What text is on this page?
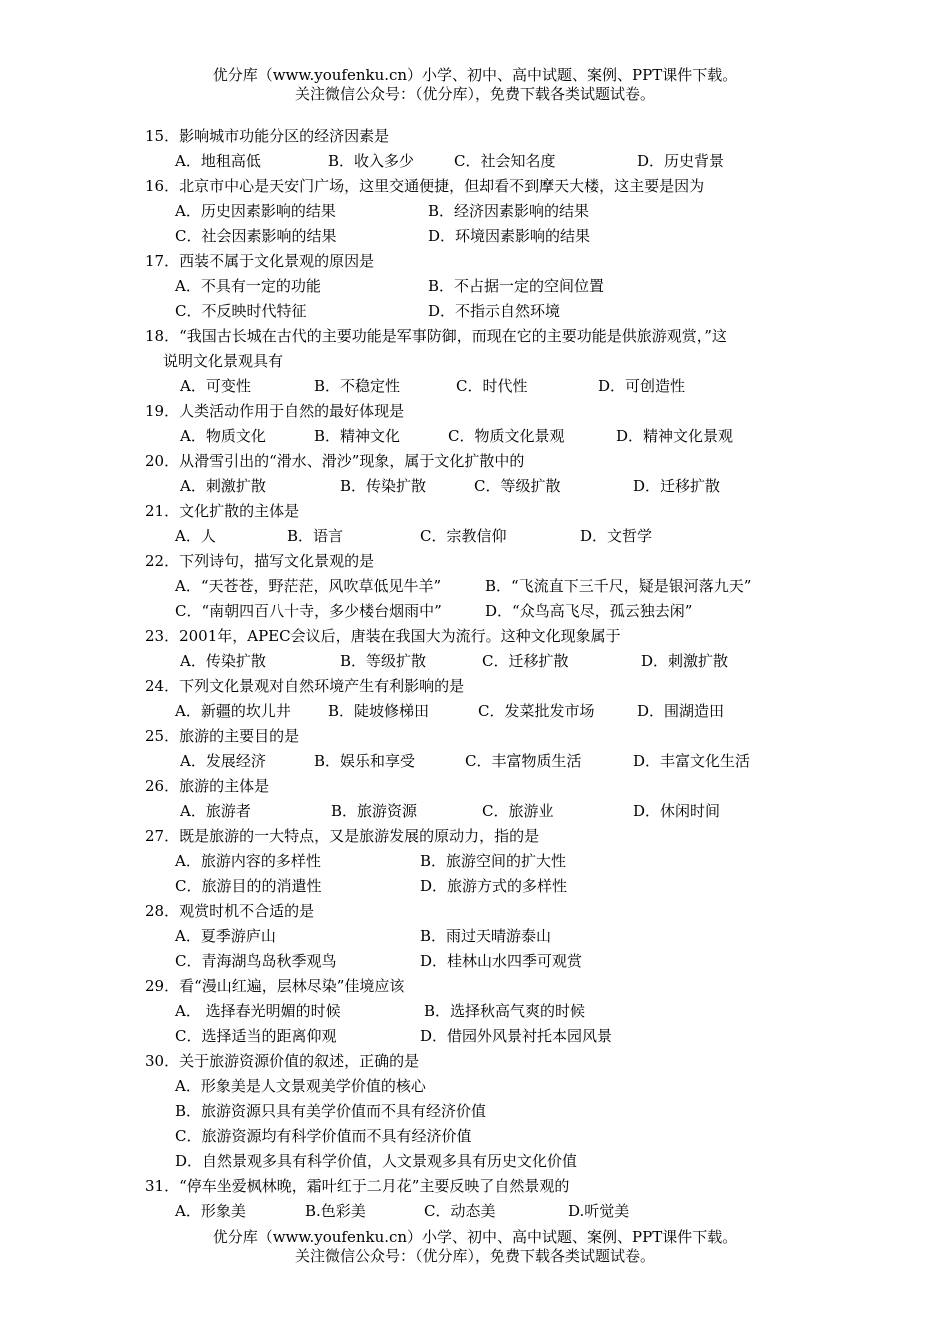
优分库（www.youfenku.cn）小学、初中、高中试题、案例、PPT课件下载。
关注微信公众号：（优分库），免费下载各类试题试卷。
15．影响城市功能分区的经济因素是
A．地租高低	B．收入多少	C．社会知名度	D．历史背景
16．北京市中心是天安门广场，这里交通便捷，但却看不到摩天大楼，这主要是因为
A．历史因素影响的结果	B．经济因素影响的结果
C．社会因素影响的结果	D．环境因素影响的结果
17．西装不属于文化景观的原因是
A．不具有一定的功能	B．不占据一定的空间位置
C．不反映时代特征	D．不指示自然环境
18．“我国古长城在古代的主要功能是军事防御，而现在它的主要功能是供旅游观赏，”这
说明文化景观具有
A．可变性	B．不稳定性	C．时代性	D．可创造性
19．人类活动作用于自然的最好体现是
A．物质文化	B．精神文化	C．物质文化景观	D．精神文化景观
20．从滑雪引出的“滑水、滑沙”现象，属于文化扩散中的
A．刺激扩散	B．传染扩散	C．等级扩散	D．迁移扩散
21．文化扩散的主体是
A．人	B．语言	C．宗教信仰	D．文哲学
22．下列诗句，描写文化景观的是
A．“天苍苍，野茫茫，风吹草低见牛羊”	B．“飞流直下三千尺，疑是银河落九天”
C．“南朝四百八十寺，多少楼台烟雨中”	D．“众鸟高飞尽，孤云独去闲”
23．2001年，APEC会议后，唐装在我国大为流行。这种文化现象属于
A．传染扩散	B．等级扩散	C．迁移扩散	D．刺激扩散
24．下列文化景观对自然环境产生有利影响的是
A．新疆的坎儿井 B．陡坡修梯田	C．发菜批发市场	D．围湖造田
25．旅游的主要目的是
A．发展经济	B．娱乐和享受	C．丰富物质生活	D．丰富文化生活
26．旅游的主体是
A．旅游者	B．旅游资源	C．旅游业	D．休闲时间
27．既是旅游的一大特点，又是旅游发展的原动力，指的是
A．旅游内容的多样性	B．旅游空间的扩大性
C．旅游目的的消遣性	D．旅游方式的多样性
28．观赏时机不合适的是
A．夏季游庐山	B．雨过天晴游泰山
C．青海湖鸟岛秋季观鸟	D．桂林山水四季可观赏
29．看“漫山红遍，层林尽染”佳境应该
A． 选择春光明媚的时候	B．选择秋高气爽的时候
C．选择适当的距离仰观	D．借园外风景衬托本园风景
30．关于旅游资源价值的叙述，正确的是
A．形象美是人文景观美学价值的核心
B．旅游资源只具有美学价值而不具有经济价值
C．旅游资源均有科学价值而不具有经济价值
D．自然景观多具有科学价值，人文景观多具有历史文化价值
31．“停车坐爱枫林晚，霜叶红于二月花”主要反映了自然景观的
A．形象美	B.色彩美	C．动态美	D.听觉美
优分库（www.youfenku.cn）小学、初中、高中试题、案例、PPT课件下载。
关注微信公众号：（优分库），免费下载各类试题试卷。
